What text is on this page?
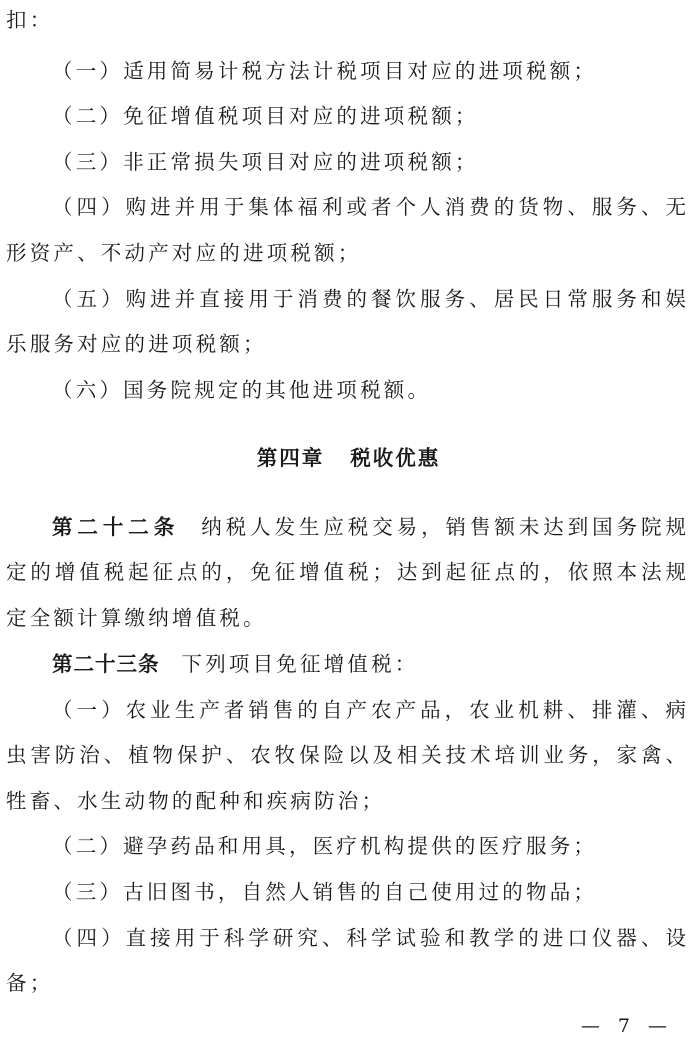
扣：
（一）适用简易计税方法计税项目对应的进项税额；
（二）免征增值税项目对应的进项税额；
（三）非正常损失项目对应的进项税额；
（四）购进并用于集体福利或者个人消费的货物、服务、无
形资产、不动产对应的进项税额；
（五）购进并直接用于消费的餐饮服务、居民日常服务和娱
乐服务对应的进项税额；
（六）国务院规定的其他进项税额。
第四章 税收优惠
第二十二条 纳税人发生应税交易，销售额未达到国务院规
定的增值税起征点的，免征增值税；达到起征点的，依照本法规
定全额计算缴纳增值税。
第二十三条 下列项目免征增值税：
（一）农业生产者销售的自产农产品，农业机耕、排灌、病
虫害防治、植物保护、农牧保险以及相关技术培训业务，家禽、
牲畜、水生动物的配种和疾病防治；
（二）避孕药品和用具，医疗机构提供的医疗服务；
（三）古旧图书，自然人销售的自己使用过的物品；
（四）直接用于科学研究、科学试验和教学的进口仪器、设
备；
— 7 —
